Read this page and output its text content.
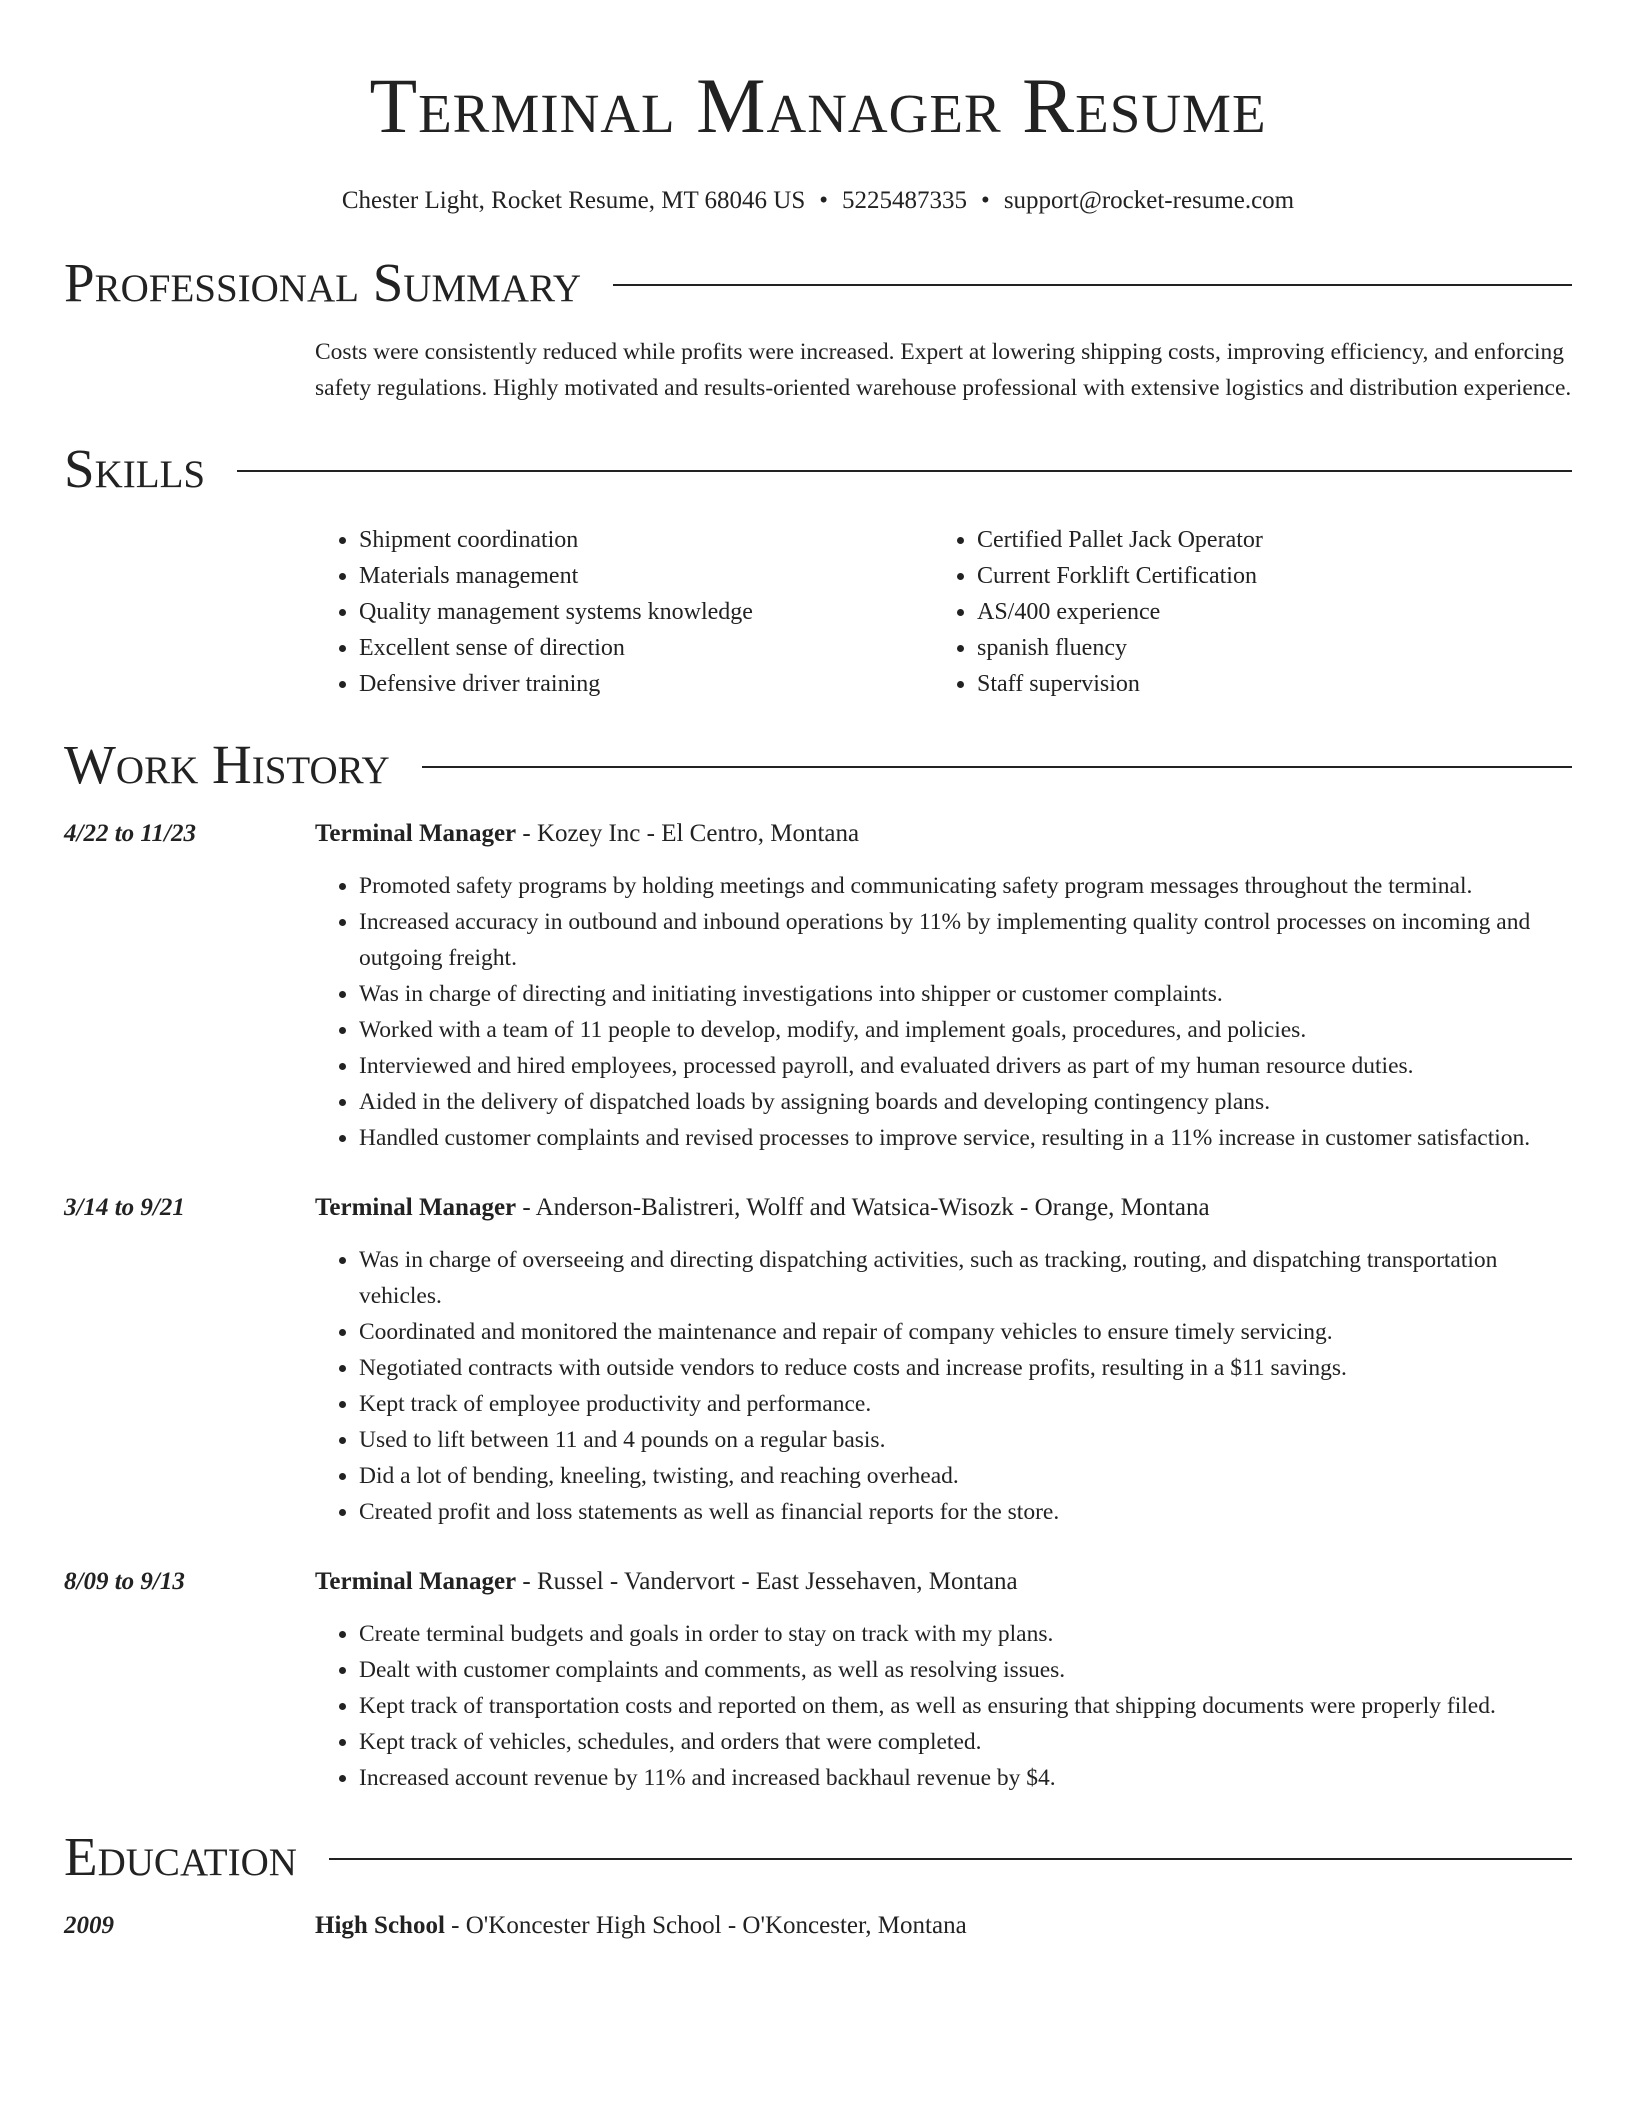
Terminal Manager Resume
Chester Light, Rocket Resume, MT 68046 US • 5225487335 • support@rocket-resume.com
Professional Summary
Costs were consistently reduced while profits were increased. Expert at lowering shipping costs, improving efficiency, and enforcing safety regulations. Highly motivated and results-oriented warehouse professional with extensive logistics and distribution experience.
Skills
• Shipment coordination
• Materials management
• Quality management systems knowledge
• Excellent sense of direction
• Defensive driver training
• Certified Pallet Jack Operator
• Current Forklift Certification
• AS/400 experience
• spanish fluency
• Staff supervision
Work History
4/22 to 11/23	Terminal Manager - Kozey Inc - El Centro, Montana
• Promoted safety programs by holding meetings and communicating safety program messages throughout the terminal.
• Increased accuracy in outbound and inbound operations by 11% by implementing quality control processes on incoming and outgoing freight.
• Was in charge of directing and initiating investigations into shipper or customer complaints.
• Worked with a team of 11 people to develop, modify, and implement goals, procedures, and policies.
• Interviewed and hired employees, processed payroll, and evaluated drivers as part of my human resource duties.
• Aided in the delivery of dispatched loads by assigning boards and developing contingency plans.
• Handled customer complaints and revised processes to improve service, resulting in a 11% increase in customer satisfaction.
3/14 to 9/21	Terminal Manager - Anderson-Balistreri, Wolff and Watsica-Wisozk - Orange, Montana
• Was in charge of overseeing and directing dispatching activities, such as tracking, routing, and dispatching transportation vehicles.
• Coordinated and monitored the maintenance and repair of company vehicles to ensure timely servicing.
• Negotiated contracts with outside vendors to reduce costs and increase profits, resulting in a $11 savings.
• Kept track of employee productivity and performance.
• Used to lift between 11 and 4 pounds on a regular basis.
• Did a lot of bending, kneeling, twisting, and reaching overhead.
• Created profit and loss statements as well as financial reports for the store.
8/09 to 9/13	Terminal Manager - Russel - Vandervort - East Jessehaven, Montana
• Create terminal budgets and goals in order to stay on track with my plans.
• Dealt with customer complaints and comments, as well as resolving issues.
• Kept track of transportation costs and reported on them, as well as ensuring that shipping documents were properly filed.
• Kept track of vehicles, schedules, and orders that were completed.
• Increased account revenue by 11% and increased backhaul revenue by $4.
Education
2009	High School - O'Koncester High School - O'Koncester, Montana
